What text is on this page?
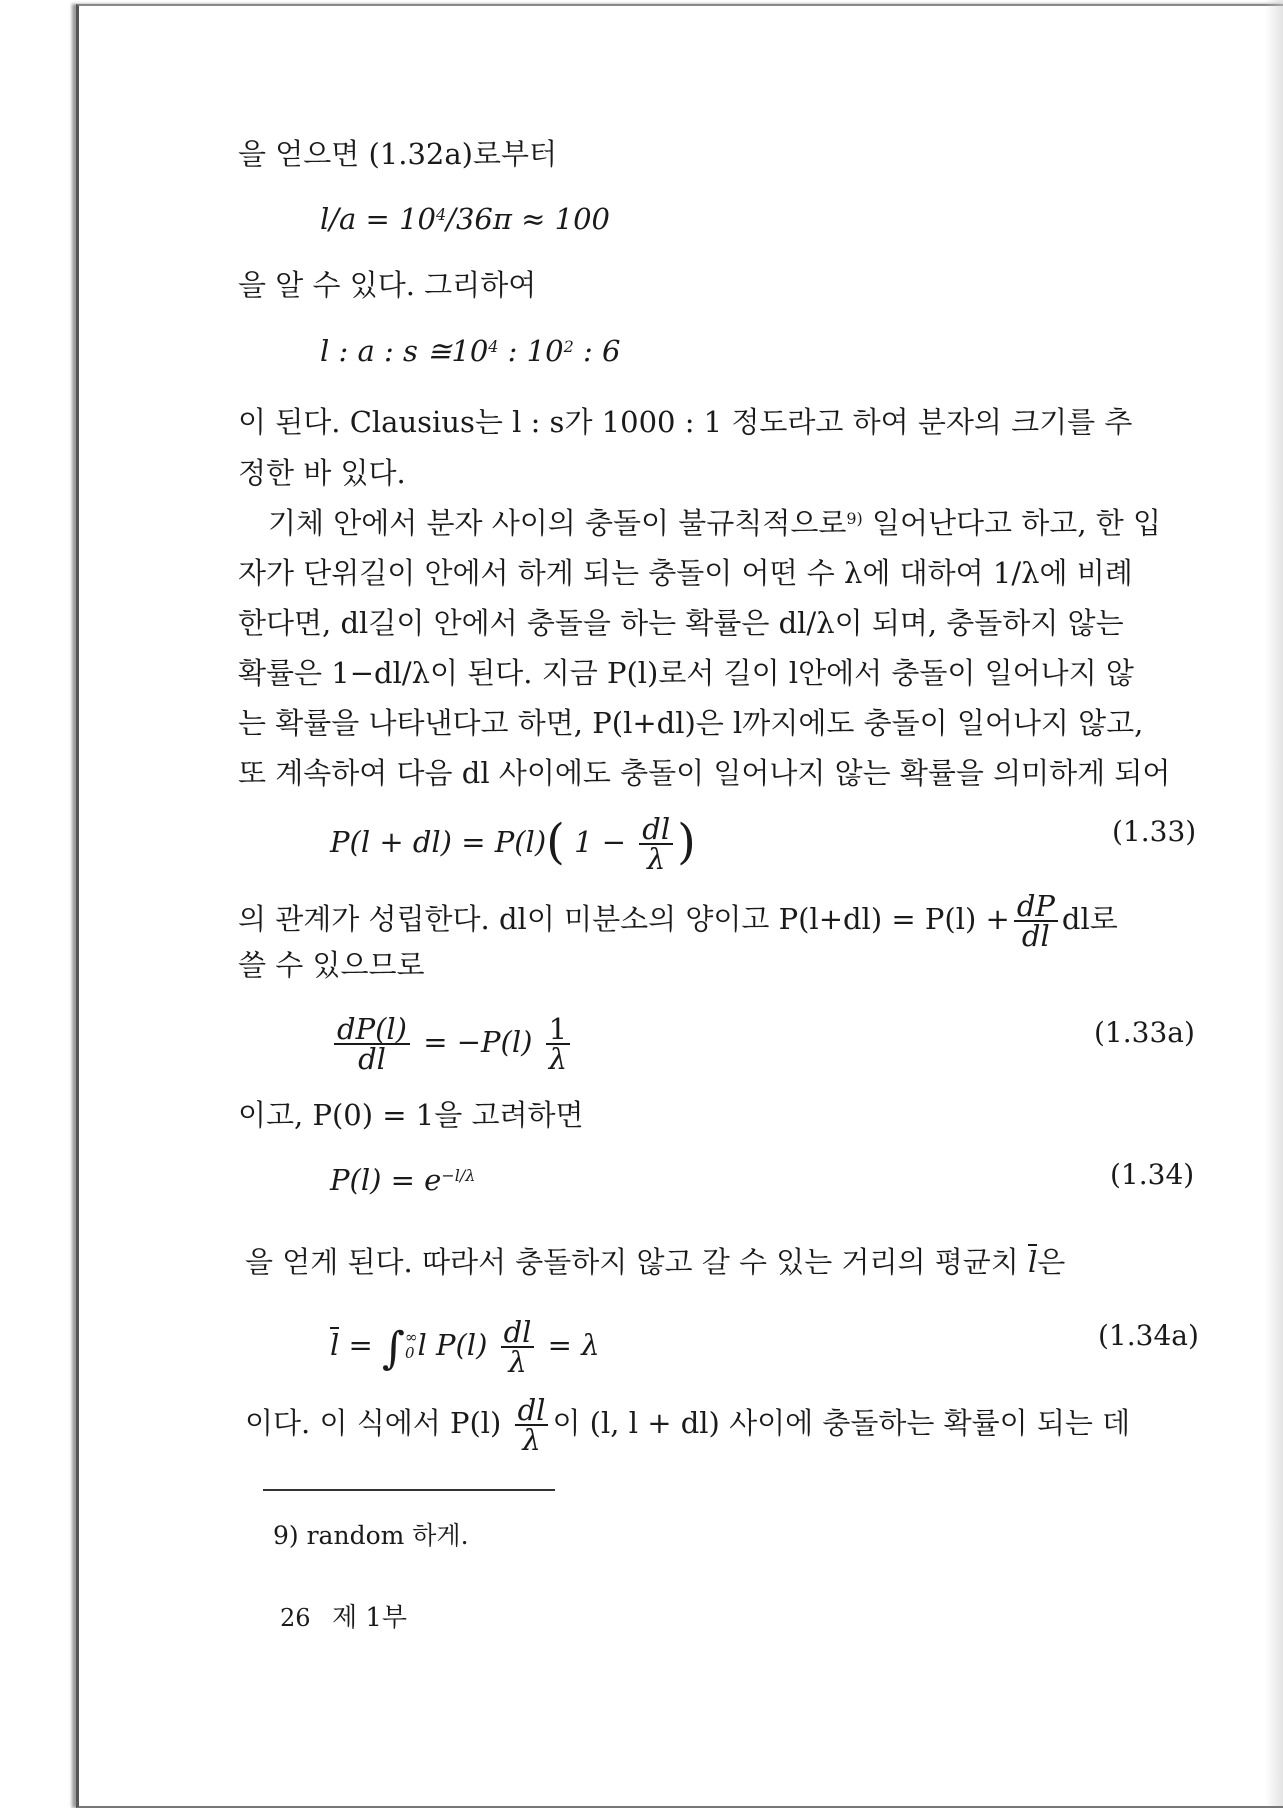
을 얻으면 (1.32a)로부터
$l/a = 10^4/36\pi \approx 100$
을 알 수 있다. 그리하여
l : a : s $≅10^4$ : $10^2$ : 6
이 된다. Clausius는 l : s가 1000 : 1 정도라고 하여 분자의 크기를 추
정한 바 있다.
기체 안에서 분자 사이의 충돌이 불규칙적으로$^{9)}$ 일어난다고 하고, 한 입
자가 단위길이 안에서 하게 되는 충돌이 어떤 수 λ에 대하여 1/λ에 비례
한다면, dl길이 안에서 충돌을 하는 확률은 dl/λ이 되며, 충돌하지 않는
확률은 1−dl/λ이 된다. 지금 P(l)로서 길이 l안에서 충돌이 일어나지 않
는 확률을 나타낸다고 하면, P(l+dl)은 l까지에도 충돌이 일어나지 않고,
또 계속하여 다음 dl 사이에도 충돌이 일어나지 않는 확률을 의미하게 되어
P(l + dl) = P(l)( $1 - \frac{dl}{\lambda}$ )	(1.33)
의 관계가 성립한다. dl이 미분소의 양이고 $P(l+dl) = P(l) + \frac{dP}{dl}$ dl로
쓸 수 있으므로
$\frac{dP(l)}{dl} = -P(l) \frac{1}{\lambda}$	(1.33a)
이고, P(0) = 1을 고려하면
$P(l) = e^{-l/\lambda}$	(1.34)
을 얻게 된다. 따라서 충돌하지 않고 갈 수 있는 거리의 평균치 l은
l = ∫ ∞
0 l $P(l) \frac{dl}{\lambda} = \lambda$	(1.34a)
이다. 이 식에서 $P(l) \frac{dl}{\lambda}$ 이 (l, l + dl) 사이에 충돌하는 확률이 되는 데
9) random 하게.
26 제 1부
